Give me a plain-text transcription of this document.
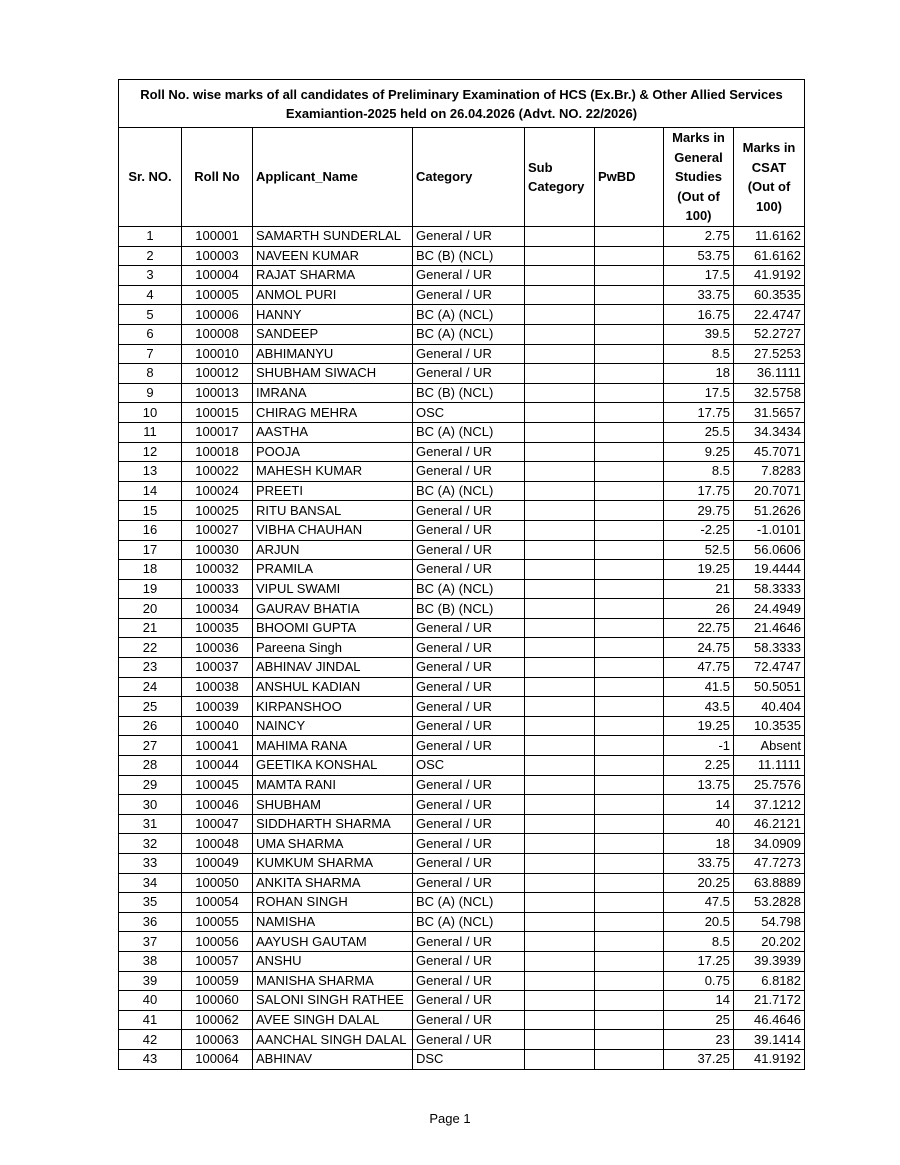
Roll No. wise marks of all candidates of Preliminary Examination of HCS (Ex.Br.) & Other Allied Services Examiantion-2025 held on 26.04.2026 (Advt. NO. 22/2026)							
Sr. NO.	Roll No	Applicant_Name	Category	Sub Category	PwBD	Marks in General Studies (Out of 100)	Marks in CSAT (Out of 100)
1	100001	SAMARTH SUNDERLAL	General / UR			2.75	11.6162
2	100003	NAVEEN KUMAR	BC (B) (NCL)			53.75	61.6162
3	100004	RAJAT SHARMA	General / UR			17.5	41.9192
4	100005	ANMOL PURI	General / UR			33.75	60.3535
5	100006	HANNY	BC (A) (NCL)			16.75	22.4747
6	100008	SANDEEP	BC (A) (NCL)			39.5	52.2727
7	100010	ABHIMANYU	General / UR			8.5	27.5253
8	100012	SHUBHAM SIWACH	General / UR			18	36.1111
9	100013	IMRANA	BC (B) (NCL)			17.5	32.5758
10	100015	CHIRAG MEHRA	OSC			17.75	31.5657
11	100017	AASTHA	BC (A) (NCL)			25.5	34.3434
12	100018	POOJA	General / UR			9.25	45.7071
13	100022	MAHESH KUMAR	General / UR			8.5	7.8283
14	100024	PREETI	BC (A) (NCL)			17.75	20.7071
15	100025	RITU BANSAL	General / UR			29.75	51.2626
16	100027	VIBHA CHAUHAN	General / UR			-2.25	-1.0101
17	100030	ARJUN	General / UR			52.5	56.0606
18	100032	PRAMILA	General / UR			19.25	19.4444
19	100033	VIPUL SWAMI	BC (A) (NCL)			21	58.3333
20	100034	GAURAV BHATIA	BC (B) (NCL)			26	24.4949
21	100035	BHOOMI GUPTA	General / UR			22.75	21.4646
22	100036	Pareena Singh	General / UR			24.75	58.3333
23	100037	ABHINAV JINDAL	General / UR			47.75	72.4747
24	100038	ANSHUL KADIAN	General / UR			41.5	50.5051
25	100039	KIRPANSHOO	General / UR			43.5	40.404
26	100040	NAINCY	General / UR			19.25	10.3535
27	100041	MAHIMA RANA	General / UR			-1	Absent
28	100044	GEETIKA KONSHAL	OSC			2.25	11.1111
29	100045	MAMTA RANI	General / UR			13.75	25.7576
30	100046	SHUBHAM	General / UR			14	37.1212
31	100047	SIDDHARTH SHARMA	General / UR			40	46.2121
32	100048	UMA SHARMA	General / UR			18	34.0909
33	100049	KUMKUM SHARMA	General / UR			33.75	47.7273
34	100050	ANKITA SHARMA	General / UR			20.25	63.8889
35	100054	ROHAN SINGH	BC (A) (NCL)			47.5	53.2828
36	100055	NAMISHA	BC (A) (NCL)			20.5	54.798
37	100056	AAYUSH GAUTAM	General / UR			8.5	20.202
38	100057	ANSHU	General / UR			17.25	39.3939
39	100059	MANISHA SHARMA	General / UR			0.75	6.8182
40	100060	SALONI SINGH RATHEE	General / UR			14	21.7172
41	100062	AVEE SINGH DALAL	General / UR			25	46.4646
42	100063	AANCHAL SINGH DALAL	General / UR			23	39.1414
43	100064	ABHINAV	DSC			37.25	41.9192
Page 1
